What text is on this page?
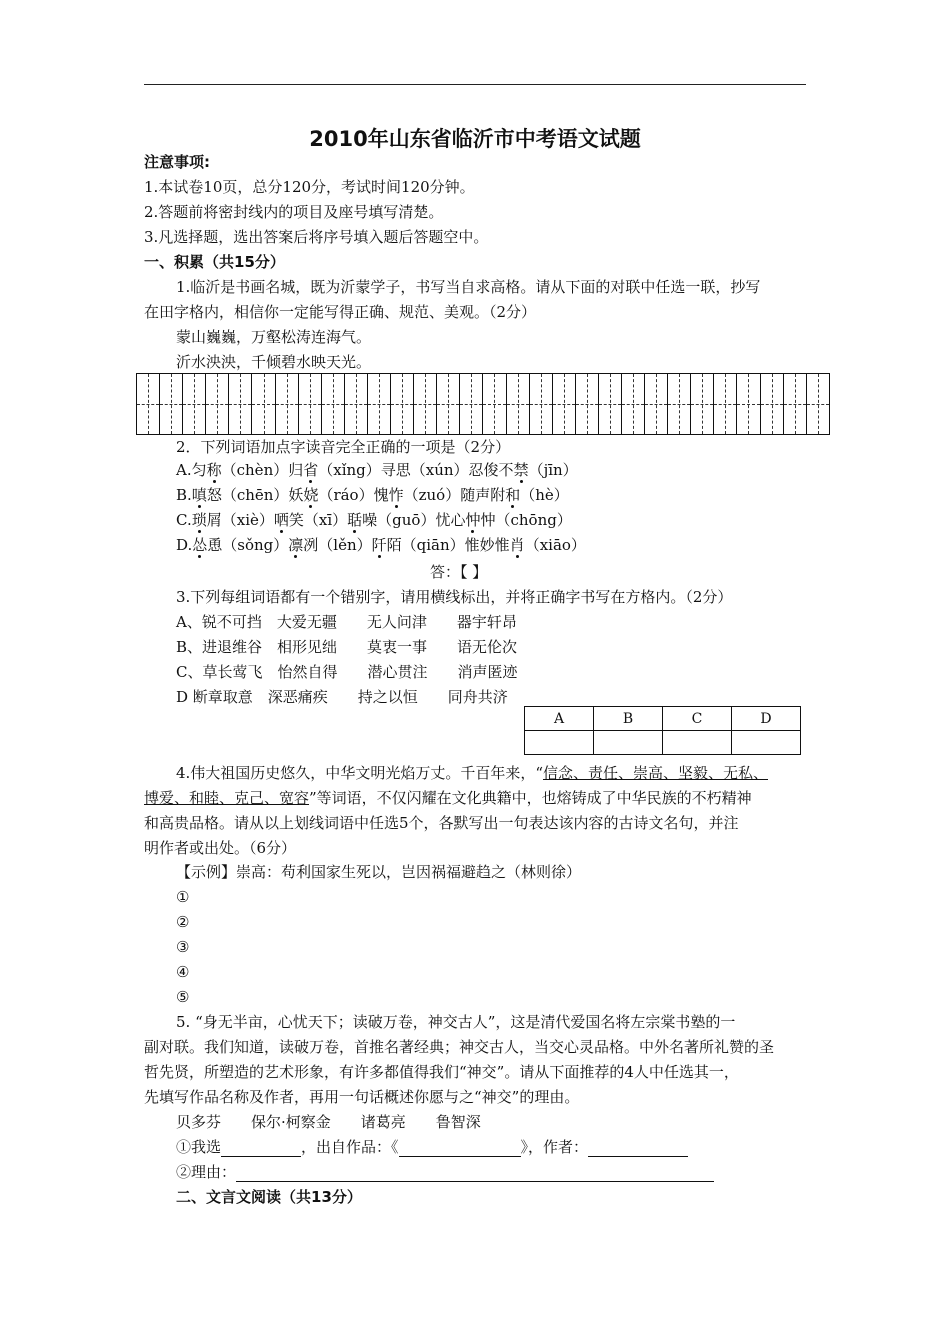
2010年山东省临沂市中考语文试题
注意事项:
1.本试卷10页，总分120分，考试时间120分钟。
2.答题前将密封线内的项目及座号填写清楚。
3.凡选择题，选出答案后将序号填入题后答题空中。
一、积累（共15分）
1.临沂是书画名城，既为沂蒙学子，书写当自求高格。请从下面的对联中任选一联，抄写
在田字格内，相信你一定能写得正确、规范、美观。（2分）
蒙山巍巍，万壑松涛连海气。
沂水泱泱，千倾碧水映天光。
2．下列词语加点字读音完全正确的一项是（2分）
A.匀称（chèn）归省（xǐng）寻思（xún）忍俊不禁（jīn）
B.嗔怒（chēn）妖娆（ráo）愧怍（zuó）随声附和（hè）
C.琐屑（xiè）哂笑（xī）聒噪（guō）忧心忡忡（chōng）
D.怂恿（sǒng）凛冽（lěn）阡陌（qiān）惟妙惟肖（xiāo）
答：【 】
3.下列每组词语都有一个错别字，请用横线标出，并将正确字书写在方格内。（2分）
A、锐不可挡　大爱无疆　　无人问津　　器宇轩昂
B、进退维谷　相形见绌　　莫衷一事　　语无伦次
C、草长莺飞　怡然自得　　潜心贯注　　消声匿迹
D 断章取意　深恶痛疾　　持之以恒　　同舟共济
A	B	C	D

4.伟大祖国历史悠久，中华文明光焰万丈。千百年来，“信念、责任、崇高、坚毅、无私、
博爱、和睦、克己、宽容”等词语，不仅闪耀在文化典籍中，也熔铸成了中华民族的不朽精神
和高贵品格。请从以上划线词语中任选5个，各默写出一句表达该内容的古诗文名句，并注
明作者或出处。（6分）
【示例】崇高：苟利国家生死以，岂因祸福避趋之（林则徐）
①
②
③
④
⑤
5. “身无半亩，心忧天下；读破万卷，神交古人”，这是清代爱国名将左宗棠书塾的一
副对联。我们知道，读破万卷，首推名著经典；神交古人，当交心灵品格。中外名著所礼赞的圣
哲先贤，所塑造的艺术形象，有许多都值得我们“神交”。请从下面推荐的4人中任选其一，
先填写作品名称及作者，再用一句话概述你愿与之“神交”的理由。
贝多芬　　保尔·柯察金　　诸葛亮　　鲁智深
①我选	，出自作品：《	》，作者：
②理由：
二、文言文阅读（共13分）
